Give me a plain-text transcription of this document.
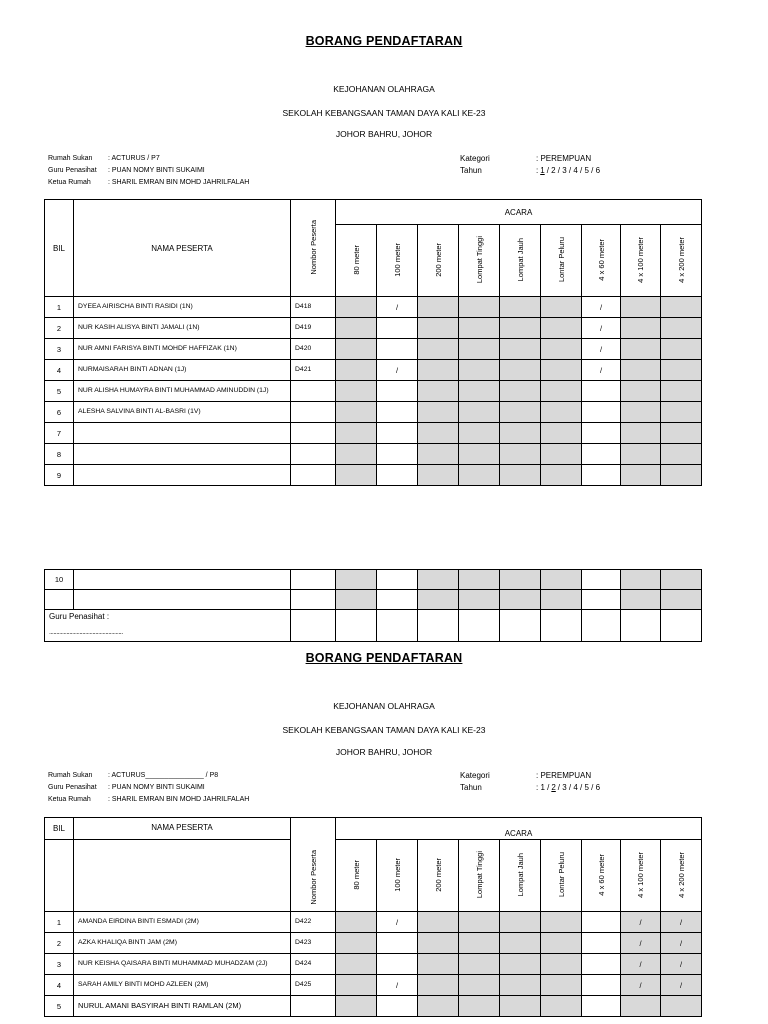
BORANG PENDAFTARAN
KEJOHANAN OLAHRAGA
SEKOLAH KEBANGSAAN TAMAN DAYA KALI KE-23
JOHOR BAHRU, JOHOR
Rumah Sukan : ACTURUS / P7
Guru Penasihat : PUAN NOMY BINTI SUKAIMI
Ketua Rumah : SHARIL EMRAN BIN MOHD JAHRILFALAH
Kategori	: PEREMPUAN
Tahun	: 1 / 2 / 3 / 4 / 5 / 6
BIL	NAMA PESERTA	Nombor Peserta	ACARA								
			80 meter	100 meter	200 meter	Lompat Tinggi	Lompat Jauh	Lontar Peluru	4 x 60 meter	4 x 100 meter	4 x 200 meter
1	DYEEA AIRISCHA BINTI RASIDI (1N)	D418		/					/		
2	NUR KASIH ALISYA BINTI JAMALI (1N)	D419							/		
3	NUR AMNI FARISYA BINTI MOHDF HAFFIZAK (1N)	D420							/		
4	NURMAISARAH BINTI ADNAN (1J)	D421		/					/		
5	NUR ALISHA HUMAYRA BINTI MUHAMMAD AMINUDDIN (1J)										
6	ALESHA SALVINA BINTI AL-BASRI (1V)										
7											
8											
9											
10											

Guru Penasihat :
...................................................											

BORANG PENDAFTARAN
KEJOHANAN OLAHRAGA
SEKOLAH KEBANGSAAN TAMAN DAYA KALI KE-23
JOHOR BAHRU, JOHOR
Rumah Sukan : ACTURUS_______________ / P8
Guru Penasihat : PUAN NOMY BINTI SUKAIMI
Ketua Rumah : SHARIL EMRAN BIN MOHD JAHRILFALAH
Kategori	: PEREMPUAN
Tahun	: 1 / 2 / 3 / 4 / 5 / 6
BIL	NAMA PESERTA	Nombor Peserta	ACARA								
			80 meter	100 meter	200 meter	Lompat Tinggi	Lompat Jauh	Lontar Peluru	4 x 60 meter	4 x 100 meter	4 x 200 meter
1	AMANDA EIRDINA BINTI ESMADI (2M)	D422		/						/	/
2	AZKA KHALIQA BINTI JAM (2M)	D423								/	/
3	NUR KEISHA QAISARA BINTI MUHAMMAD MUHADZAM (2J)	D424								/	/
4	SARAH AMILY BINTI MOHD AZLEEN (2M)	D425		/						/	/
5	NURUL AMANI BASYIRAH BINTI RAMLAN (2M)										
